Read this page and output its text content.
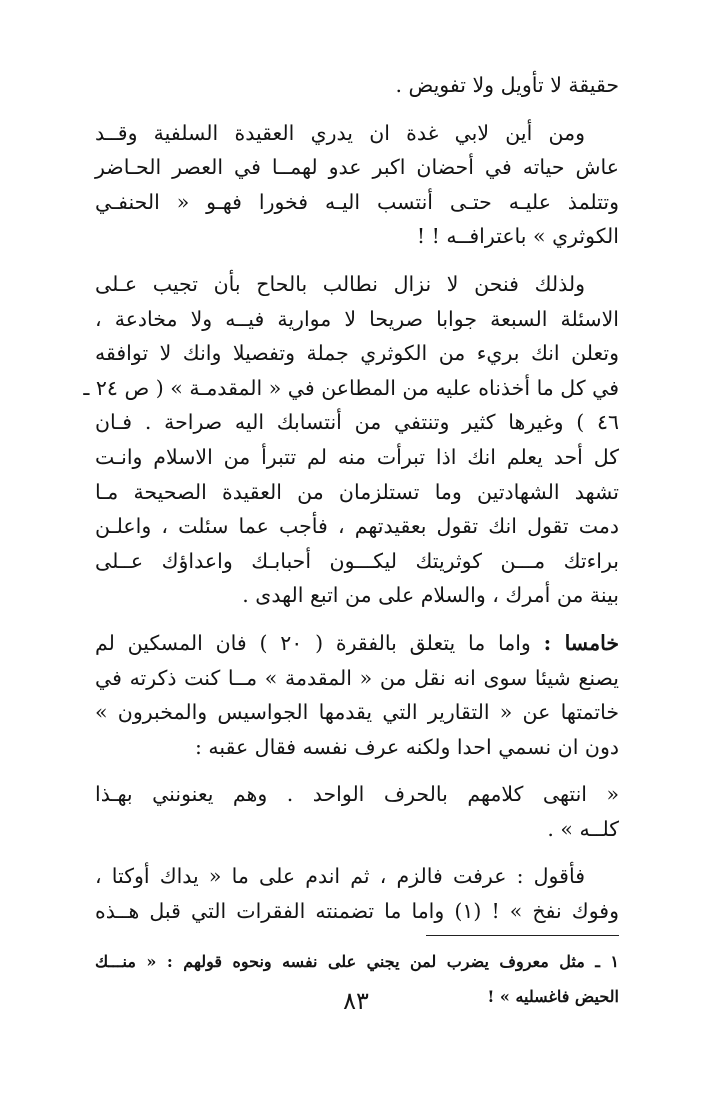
حقيقة لا تأويل ولا تفويض .
ومن أين لابي غدة ان يدري العقيدة السلفية وقــد
عاش حياته في أحضان اكبر عدو لهمــا في العصر الحـاضر
وتتلمذ عليـه حتـى أنتسب اليـه فخورا فهـو « الحنفـي
الكوثري » باعترافــه ! !
ولذلك فنحن لا نزال نطالب بالحاح بأن تجيب عـلى
الاسئلة السبعة جوابا صريحا لا موارية فيــه ولا مخادعة ،
وتعلن انك بريء من الكوثري جملة وتفصيلا وانك لا توافقه
في كل ما أخذناه عليه من المطاعن في « المقدمـة » ( ص ٢٤ ـ
٤٦ ) وغيرها كثير وتنتفي من أنتسابك اليه صراحة . فـان
كل أحد يعلم انك اذا تبرأت منه لم تتبرأ من الاسلام وانـت
تشهد الشهادتين وما تستلزمان من العقيدة الصحيحة مـا
دمت تقول انك تقول بعقيدتهم ، فأجب عما سئلت ، واعلـن
براءتك مـــن كوثريتك ليكـــون أحبابـك واعداؤك عــلى
بينة من أمرك ، والسلام على من اتبع الهدى .
خامسا : واما ما يتعلق بالفقرة ( ٢٠ ) فان المسكين لم
يصنع شيئا سوى انه نقل من « المقدمة » مــا كنت ذكرته في
خاتمتها عن « التقارير التي يقدمها الجواسيس والمخبرون »
دون ان نسمي احدا ولكنه عرف نفسه فقال عقبه :
« انتهى كلامهم بالحرف الواحد . وهم يعنونني بهـذا
كلــه » .
فأقول : عرفت فالزم ، ثم اندم على ما « يداك أوكتا ،
وفوك نفخ » ! (١) واما ما تضمنته الفقرات التي قبل هــذه
١ ـ مثل معروف يضرب لمن يجني على نفسه ونحوه قولهم : « منـــك
الحيض فاغسليه » !
٨٣
